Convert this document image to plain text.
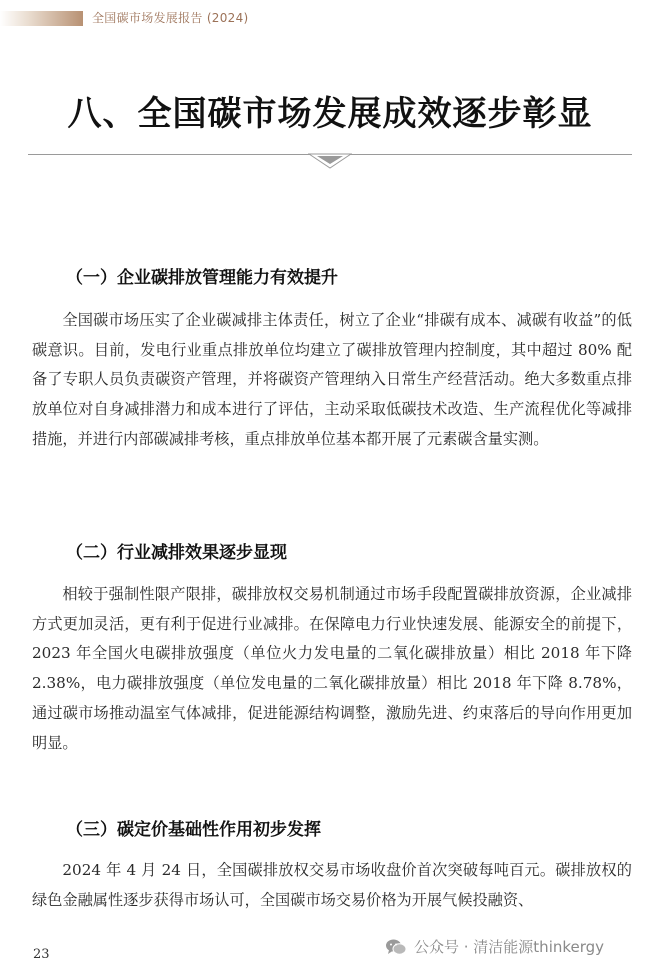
全国碳市场发展报告 (2024)
八、全国碳市场发展成效逐步彰显
（一）企业碳排放管理能力有效提升
全国碳市场压实了企业碳减排主体责任，树立了企业“排碳有成本、减碳有收益”的低碳意识。目前，发电行业重点排放单位均建立了碳排放管理内控制度，其中超过 80% 配备了专职人员负责碳资产管理，并将碳资产管理纳入日常生产经营活动。绝大多数重点排放单位对自身减排潜力和成本进行了评估，主动采取低碳技术改造、生产流程优化等减排措施，并进行内部碳减排考核，重点排放单位基本都开展了元素碳含量实测。
（二）行业减排效果逐步显现
相较于强制性限产限排，碳排放权交易机制通过市场手段配置碳排放资源，企业减排方式更加灵活，更有利于促进行业减排。在保障电力行业快速发展、能源安全的前提下，2023 年全国火电碳排放强度（单位火力发电量的二氧化碳排放量）相比 2018 年下降 2.38%，电力碳排放强度（单位发电量的二氧化碳排放量）相比 2018 年下降 8.78%，通过碳市场推动温室气体减排，促进能源结构调整，激励先进、约束落后的导向作用更加明显。
（三）碳定价基础性作用初步发挥
2024 年 4 月 24 日，全国碳排放权交易市场收盘价首次突破每吨百元。碳排放权的绿色金融属性逐步获得市场认可，全国碳市场交易价格为开展气候投融资、
23	公众号 · 清洁能源thinkergy
